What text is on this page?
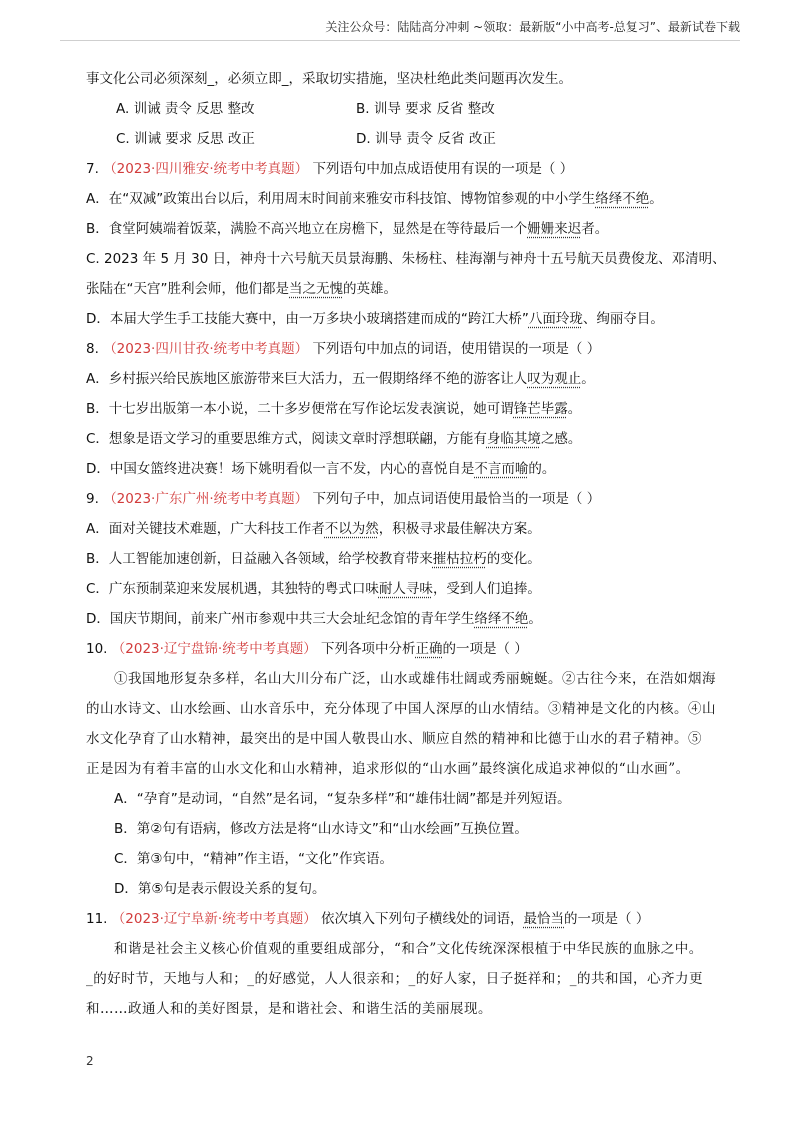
关注公众号：陆陆高分冲刺 ~领取：最新版“小中高考-总复习”、最新试卷下载
事文化公司必须深刻_，必须立即_，采取切实措施，坚决杜绝此类问题再次发生。
A. 训诫 责令 反思 整改	B. 训导 要求 反省 整改
C. 训诫 要求 反思 改正	D. 训导 责令 反省 改正
7. （2023·四川雅安·统考中考真题） 下列语句中加点成语使用有误的一项是（ ）
A．在“双减”政策出台以后，利用周末时间前来雅安市科技馆、博物馆参观的中小学生络绎不绝。
B．食堂阿姨端着饭菜，满脸不高兴地立在房檐下，显然是在等待最后一个姗姗来迟者。
C. 2023 年 5 月 30 日，神舟十六号航天员景海鹏、朱杨柱、桂海潮与神舟十五号航天员费俊龙、邓清明、
张陆在“天宫”胜利会师，他们都是当之无愧的英雄。
D．本届大学生手工技能大赛中，由一万多块小玻璃搭建而成的“跨江大桥”八面玲珑、绚丽夺目。
8. （2023·四川甘孜·统考中考真题） 下列语句中加点的词语，使用错误的一项是（ ）
A．乡村振兴给民族地区旅游带来巨大活力，五一假期络绎不绝的游客让人叹为观止。
B．十七岁出版第一本小说，二十多岁便常在写作论坛发表演说，她可谓锋芒毕露。
C．想象是语文学习的重要思维方式，阅读文章时浮想联翩，方能有身临其境之感。
D．中国女篮终进决赛！场下姚明看似一言不发，内心的喜悦自是不言而喻的。
9. （2023·广东广州·统考中考真题） 下列句子中，加点词语使用最恰当的一项是（ ）
A．面对关键技术难题，广大科技工作者不以为然，积极寻求最佳解决方案。
B．人工智能加速创新，日益融入各领域，给学校教育带来摧枯拉朽的变化。
C．广东预制菜迎来发展机遇，其独特的粤式口味耐人寻味，受到人们追捧。
D．国庆节期间，前来广州市参观中共三大会址纪念馆的青年学生络绎不绝。
10. （2023·辽宁盘锦·统考中考真题） 下列各项中分析正确的一项是（ ）
①我国地形复杂多样，名山大川分布广泛，山水或雄伟壮阔或秀丽蜿蜒。②古往今来，在浩如烟海
的山水诗文、山水绘画、山水音乐中，充分体现了中国人深厚的山水情结。③精神是文化的内核。④山
水文化孕育了山水精神，最突出的是中国人敬畏山水、顺应自然的精神和比德于山水的君子精神。⑤
正是因为有着丰富的山水文化和山水精神，追求形似的“山水画”最终演化成追求神似的“山水画”。
A．“孕育”是动词，“自然”是名词，“复杂多样”和“雄伟壮阔”都是并列短语。
B．第②句有语病，修改方法是将“山水诗文”和“山水绘画”互换位置。
C．第③句中，“精神”作主语，“文化”作宾语。
D．第⑤句是表示假设关系的复句。
11. （2023·辽宁阜新·统考中考真题） 依次填入下列句子横线处的词语，最恰当的一项是（ ）
和谐是社会主义核心价值观的重要组成部分，“和合”文化传统深深根植于中华民族的血脉之中。
_的好时节，天地与人和；_的好感觉，人人很亲和；_的好人家，日子挺祥和；_的共和国，心齐力更
和……政通人和的美好图景，是和谐社会、和谐生活的美丽展现。
2
